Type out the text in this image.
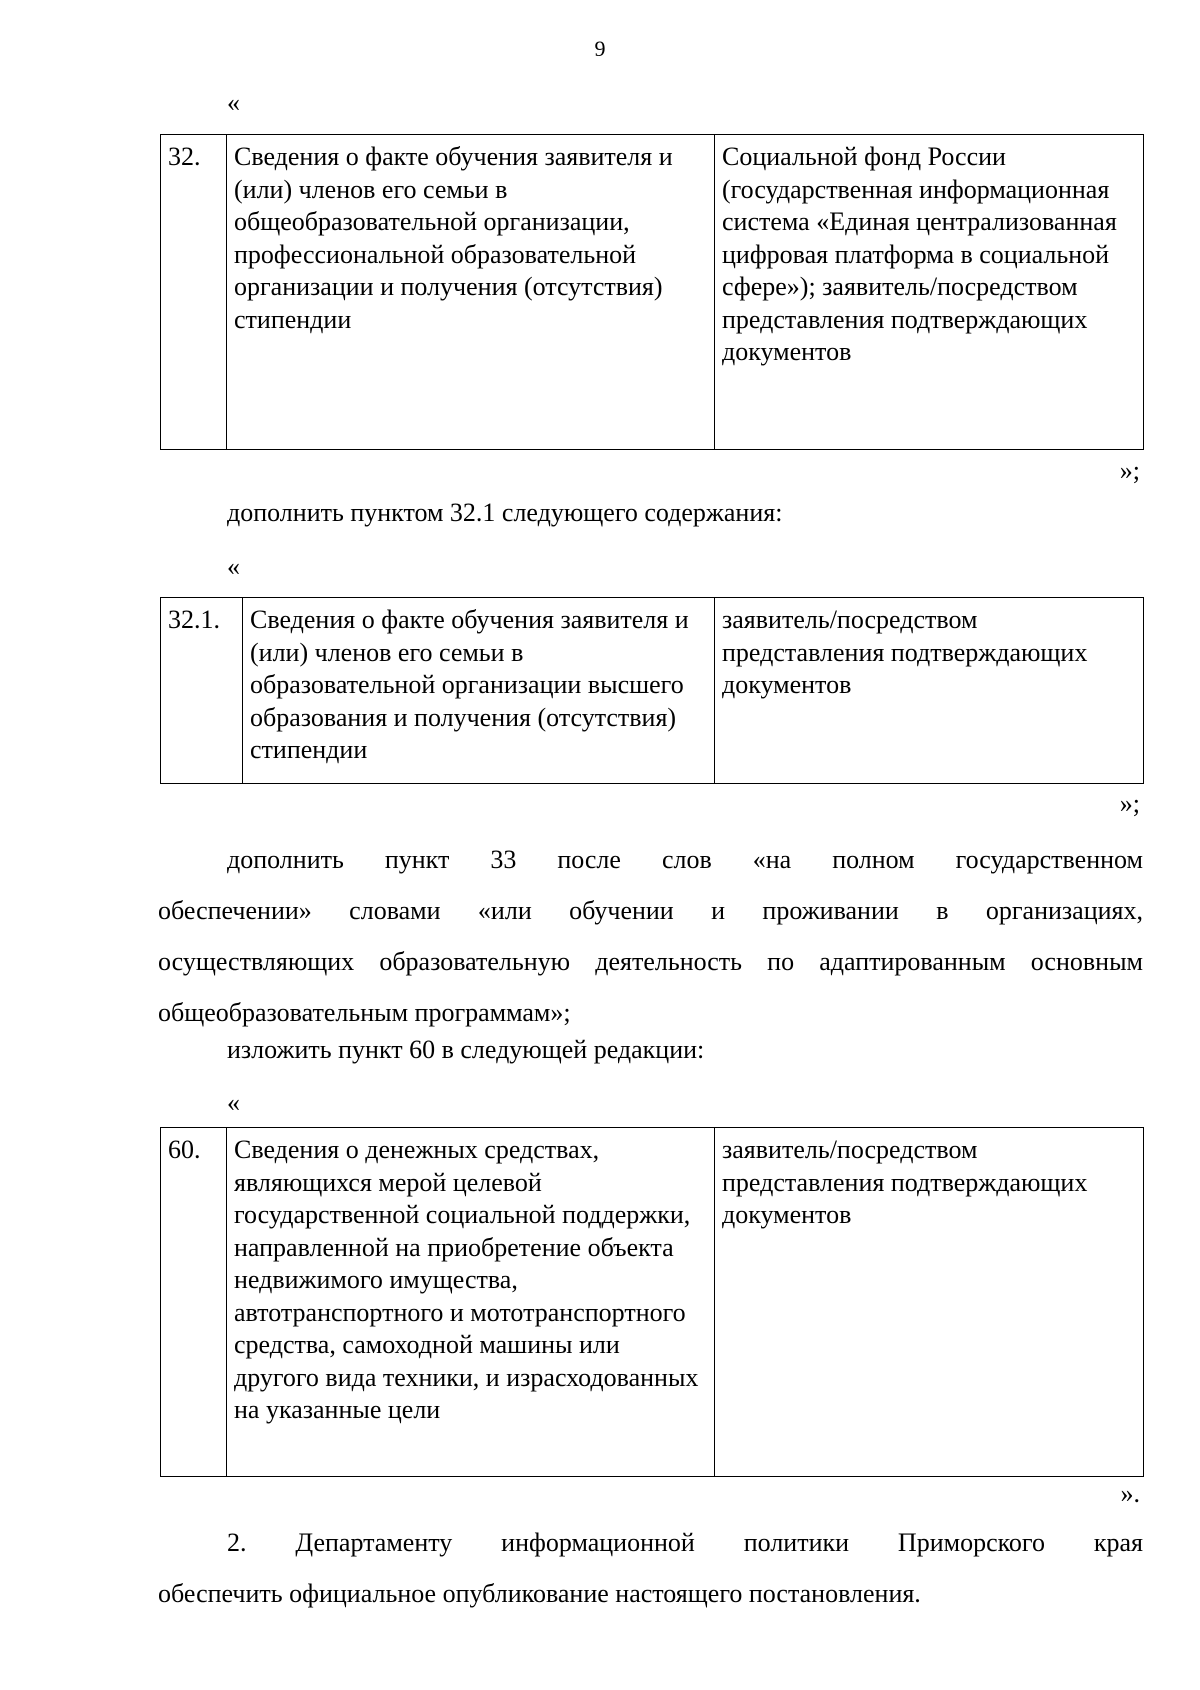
9
«
32.	Сведения о факте обучения заявителя и (или) членов его семьи в общеобразовательной организации, профессиональной образовательной организации и получения (отсутствия) стипендии	Социальной фонд России (государственная информационная система «Единая централизованная цифровая платформа в социальной сфере»); заявитель/посредством представления подтверждающих документов
»;

дополнить пунктом 32.1 следующего содержания:

«
32.1.	Сведения о факте обучения заявителя и (или) членов его семьи в образовательной организации высшего образования и получения (отсутствия) стипендии	заявитель/посредством представления подтверждающих документов
»;
дополнить пункт 33 после слов «на полном государственном
обеспечении» словами «или обучении и проживании в организациях,
осуществляющих образовательную деятельность по адаптированным основным
общеобразовательным программам»;

изложить пункт 60 в следующей редакции:

«
60.	Сведения о денежных средствах, являющихся мерой целевой государственной социальной поддержки, направленной на приобретение объекта недвижимого имущества, автотранспортного и мототранспортного средства, самоходной машины или другого вида техники, и израсходованных на указанные цели	заявитель/посредством представления подтверждающих документов
».
2. Департаменту информационной политики Приморского края
обеспечить официальное опубликование настоящего постановления.
